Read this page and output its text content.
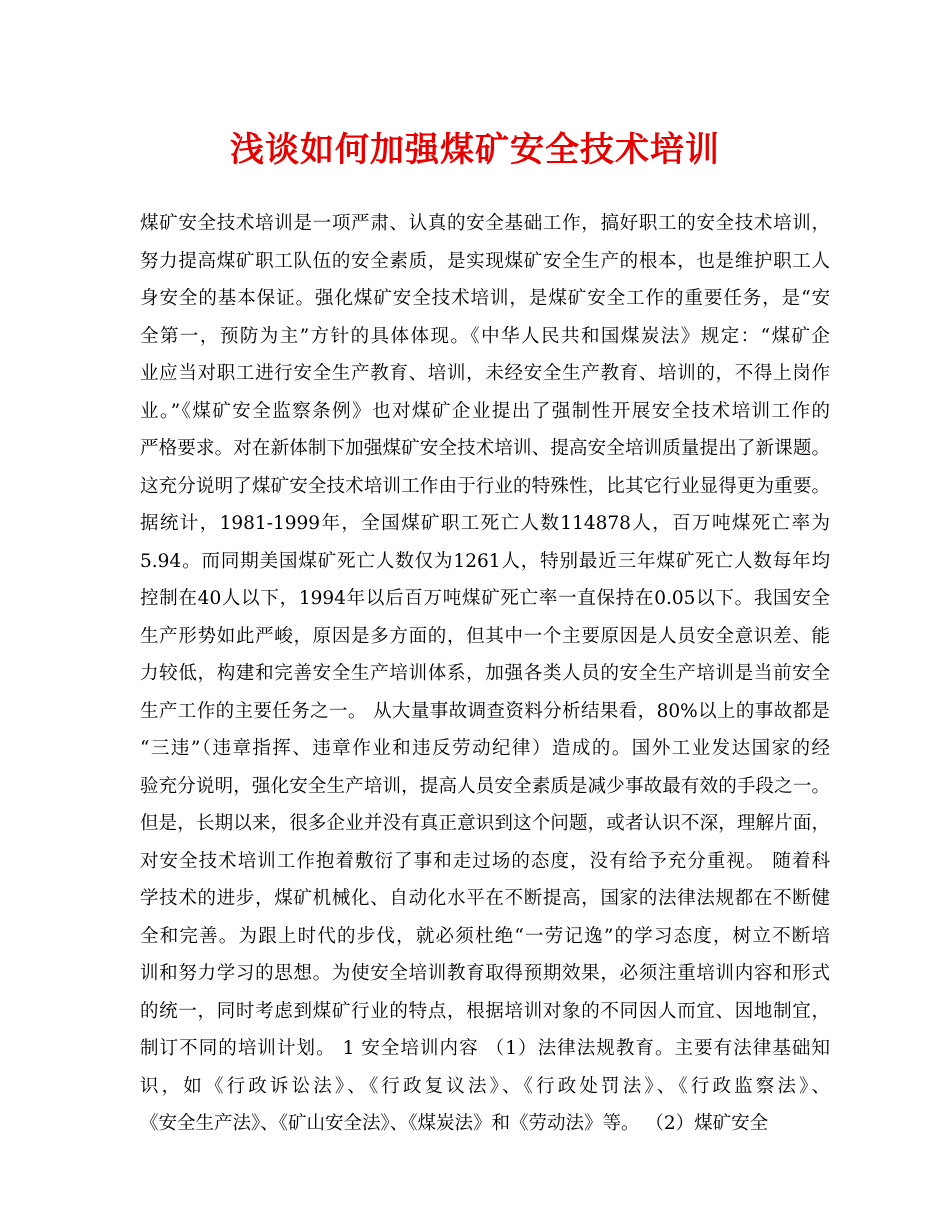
浅谈如何加强煤矿安全技术培训
煤矿安全技术培训是一项严肃、认真的安全基础工作，搞好职工的安全技术培训，
努力提高煤矿职工队伍的安全素质，是实现煤矿安全生产的根本，也是维护职工人
身安全的基本保证。强化煤矿安全技术培训，是煤矿安全工作的重要任务，是“安
全第一，预防为主”方针的具体体现。《中华人民共和国煤炭法》规定：“煤矿企
业应当对职工进行安全生产教育、培训，未经安全生产教育、培训的，不得上岗作
业。”《煤矿安全监察条例》也对煤矿企业提出了强制性开展安全技术培训工作的
严格要求。对在新体制下加强煤矿安全技术培训、提高安全培训质量提出了新课题。
这充分说明了煤矿安全技术培训工作由于行业的特殊性，比其它行业显得更为重要。
据统计，1981-1999年，全国煤矿职工死亡人数114878人，百万吨煤死亡率为
5.94。而同期美国煤矿死亡人数仅为1261人，特别最近三年煤矿死亡人数每年均
控制在40人以下，1994年以后百万吨煤矿死亡率一直保持在0.05以下。我国安全
生产形势如此严峻，原因是多方面的，但其中一个主要原因是人员安全意识差、能
力较低，构建和完善安全生产培训体系，加强各类人员的安全生产培训是当前安全
生产工作的主要任务之一。 从大量事故调查资料分析结果看，80%以上的事故都是
“三违”（违章指挥、违章作业和违反劳动纪律）造成的。国外工业发达国家的经
验充分说明，强化安全生产培训，提高人员安全素质是减少事故最有效的手段之一。
但是，长期以来，很多企业并没有真正意识到这个问题，或者认识不深，理解片面，
对安全技术培训工作抱着敷衍了事和走过场的态度，没有给予充分重视。 随着科
学技术的进步，煤矿机械化、自动化水平在不断提高，国家的法律法规都在不断健
全和完善。为跟上时代的步伐，就必须杜绝“一劳记逸”的学习态度，树立不断培
训和努力学习的思想。为使安全培训教育取得预期效果，必须注重培训内容和形式
的统一，同时考虑到煤矿行业的特点，根据培训对象的不同因人而宜、因地制宜，
制订不同的培训计划。 1 安全培训内容 （1）法律法规教育。主要有法律基础知
识，如《行政诉讼法》、《行政复议法》、《行政处罚法》、《行政监察法》、
《安全生产法》、《矿山安全法》、《煤炭法》和《劳动法》等。 （2）煤矿安全
